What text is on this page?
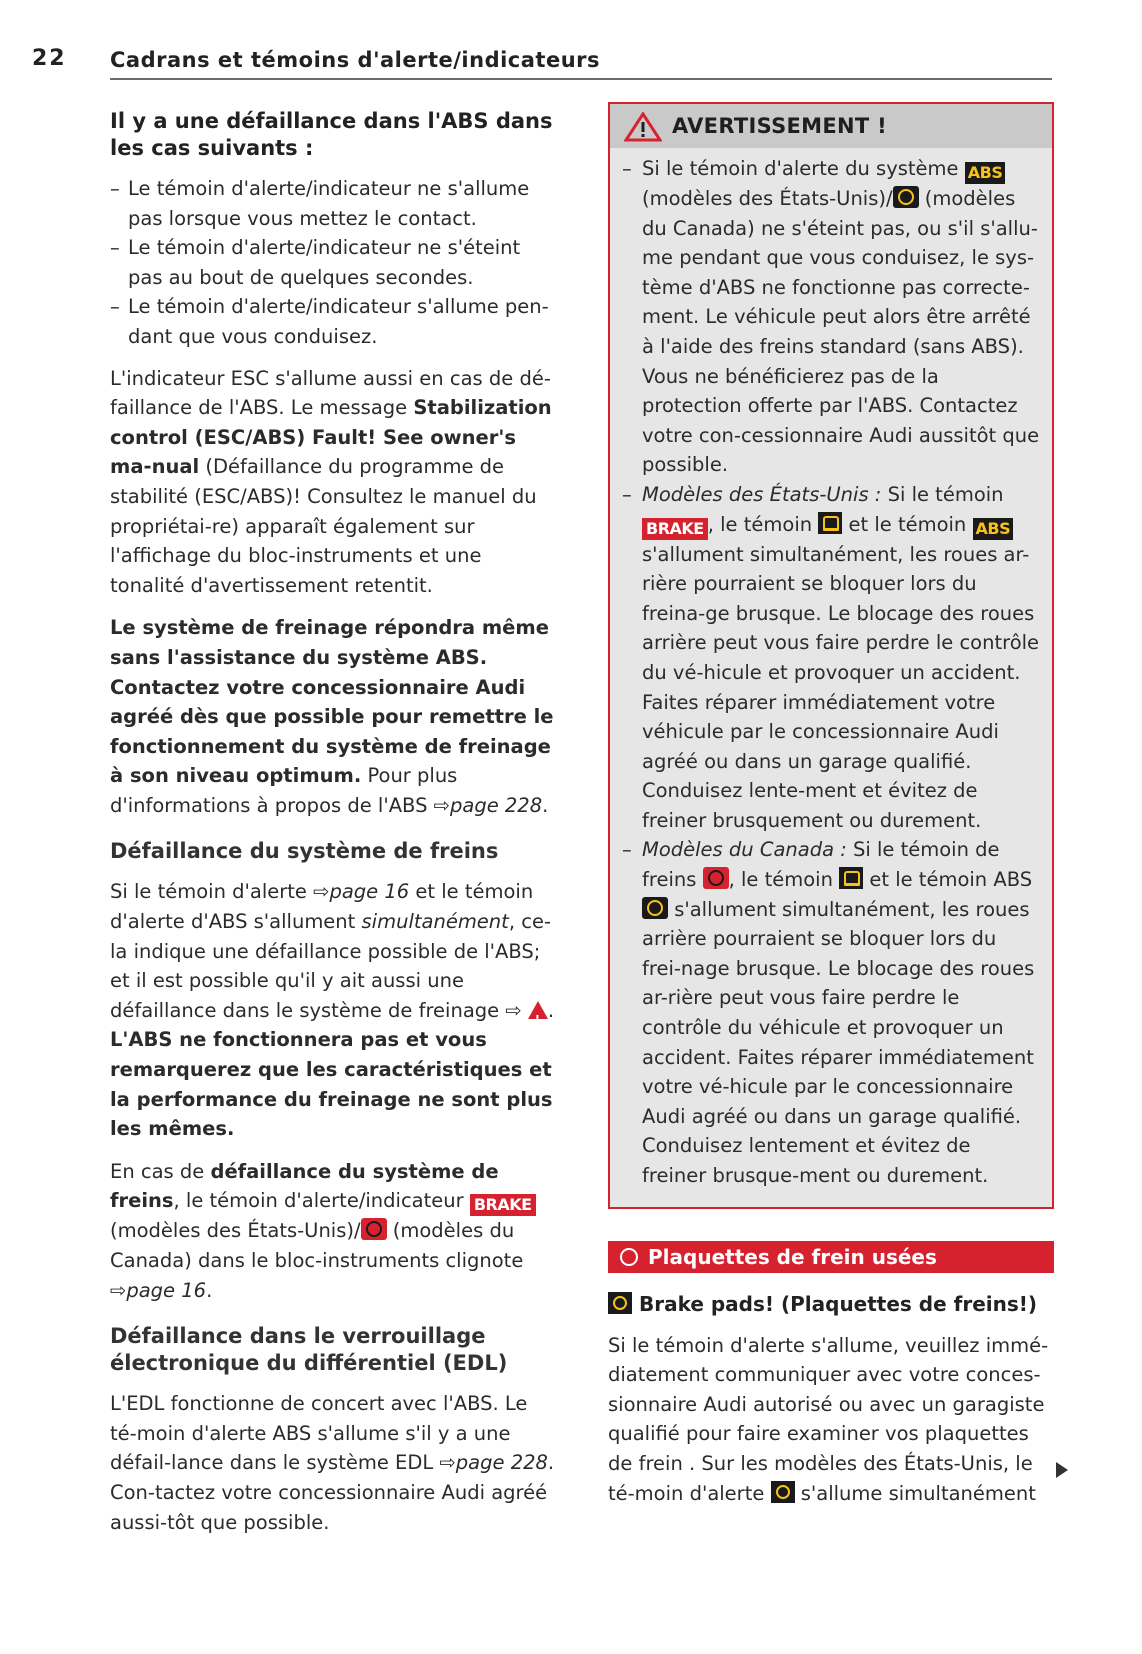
22 Cadrans et témoins d'alerte/indicateurs
Il y a une défaillance dans l'ABS dans les cas suivants :
– Le témoin d'alerte/indicateur ne s'allume pas lorsque vous mettez le contact.
– Le témoin d'alerte/indicateur ne s'éteint pas au bout de quelques secondes.
– Le témoin d'alerte/indicateur s'allume pen-dant que vous conduisez.

L'indicateur ESC s'allume aussi en cas de dé-faillance de l'ABS. Le message Stabilization control (ESC/ABS) Fault! See owner's ma-nual (Défaillance du programme de stabilité (ESC/ABS)! Consultez le manuel du propriétai-re) apparaît également sur l'affichage du bloc-instruments et une tonalité d'avertissement retentit.

Le système de freinage répondra même sans l'assistance du système ABS. Contactez votre concessionnaire Audi agréé dès que possible pour remettre le fonctionnement du système de freinage à son niveau optimum. Pour plus d'informations à propos de l'ABS ⇨page 228.

Défaillance du système de freins

Si le témoin d'alerte ⇨page 16 et le témoin d'alerte d'ABS s'allument simultanément, ce-la indique une défaillance possible de l'ABS; et il est possible qu'il y ait aussi une défaillance dans le système de freinage ⇨ ! . L'ABS ne fonctionnera pas et vous remarquerez que les caractéristiques et la performance du freinage ne sont plus les mêmes.

En cas de défaillance du système de freins, le témoin d'alerte/indicateur BRAKE (modèles des États-Unis)/
(modèles du Canada) dans le bloc-instruments clignote ⇨page 16.

Défaillance dans le verrouillage électronique du différentiel (EDL)

L'EDL fonctionne de concert avec l'ABS. Le té-moin d'alerte ABS s'allume s'il y a une défail-lance dans le système EDL ⇨page 228. Con-tactez votre concessionnaire Audi agréé aussi-tôt que possible.

AVERTISSEMENT !
– Si le témoin d'alerte du système ABS (modèles des États-Unis)/
(modèles du Canada) ne s'éteint pas, ou s'il s'allu-me pendant que vous conduisez, le sys-tème d'ABS ne fonctionne pas correcte-ment. Le véhicule peut alors être arrêté à l'aide des freins standard (sans ABS). Vous ne bénéficierez pas de la protection offerte par l'ABS. Contactez votre con-cessionnaire Audi aussitôt que possible.
– Modèles des États-Unis : Si le témoin BRAKE , le témoin
et le témoin ABS s'allument simultanément, les roues ar-rière pourraient se bloquer lors du freina-ge brusque. Le blocage des roues arrière peut vous faire perdre le contrôle du vé-hicule et provoquer un accident. Faites réparer immédiatement votre véhicule par le concessionnaire Audi agréé ou dans un garage qualifié. Conduisez lente-ment et évitez de freiner brusquement ou durement.
– Modèles du Canada : Si le témoin de freins
, le témoin
et le témoin ABS
s'allument simultanément, les roues arrière pourraient se bloquer lors du frei-nage brusque. Le blocage des roues ar-rière peut vous faire perdre le contrôle du véhicule et provoquer un accident. Faites réparer immédiatement votre vé-hicule par le concessionnaire Audi agréé ou dans un garage qualifié. Conduisez lentement et évitez de freiner brusque-ment ou durement.
Plaquettes de frein usées
Brake pads! (Plaquettes de freins!)

Si le témoin d'alerte s'allume, veuillez immé-diatement communiquer avec votre conces-sionnaire Audi autorisé ou avec un garagiste qualifié pour faire examiner vos plaquettes de frein . Sur les modèles des États-Unis, le té-moin d'alerte
s'allume simultanément
